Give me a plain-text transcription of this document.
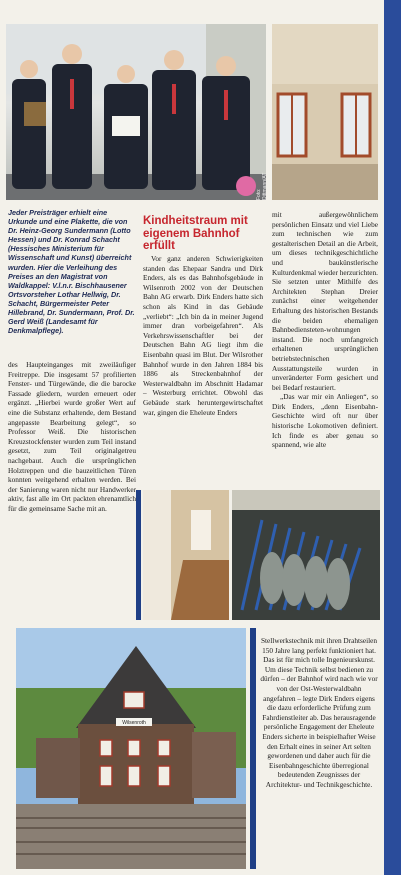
Foto: Dittmann/AT
Jeder Preisträger erhielt eine Urkunde und eine Plakette, die von Dr. Heinz-Georg Sundermann (Lotto Hessen) und Dr. Konrad Schacht (Hessisches Ministerium für Wissenschaft und Kunst) überreicht wurden. Hier die Verleihung des Preises an den Magistrat von Waldkappel: V.l.n.r. Bischhausener Ortsvorsteher Lothar Hellwig, Dr. Schacht, Bürgermeister Peter Hillebrand, Dr. Sundermann, Prof. Dr. Gerd Weiß (Landesamt für Denkmalpflege).
Kindheitstraum mit eigenem Bahnhof erfüllt

Vor ganz anderen Schwierigkeiten standen das Ehepaar Sandra und Dirk Enders, als es das Bahnhofsgebäude in Wilsenroth 2002 von der Deutschen Bahn AG erwarb. Dirk Enders hatte sich schon als Kind in das Gebäude „verliebt“: „Ich bin da in meiner Jugend immer dran vorbeigefahren“. Als Verkehrswissenschaftler bei der Deutschen Bahn AG liegt ihm die Eisenbahn quasi im Blut. Der Wilsrother Bahnhof wurde in den Jahren 1884 bis 1886 als Streckenbahnhof der Westerwaldbahn im Abschnitt Hadamar – Westerburg errichtet. Obwohl das Gebäude stark heruntergewirtschaftet war, gingen die Eheleute Enders

mit außergewöhnlichem persönlichen Einsatz und viel Liebe zum technischen wie zum gestalterischen Detail an die Arbeit, um dieses technikgeschichtliche und baukünstlerische Kulturdenkmal wieder herzurichten. Sie setzten unter Mithilfe des Architekten Stephan Dreier zunächst einer weitgehender Erhaltung des historischen Bestands die beiden ehemaligen Bahnbediensteten-wohnungen instand. Die noch umfangreich erhaltenen ursprünglichen betriebstechnischen Ausstattungsteile wurden in unveränderter Form gesichert und bei Bedarf restauriert.

„Das war mir ein Anliegen“, so Dirk Enders, „denn Eisenbahn-Geschichte wird oft nur über historische Lokomotiven definiert. Ich finde es aber genau so spannend, wie alte

des Haupteinganges mit zweiläufiger Freitreppe. Die insgesamt 57 profilierten Fenster- und Türgewände, die die barocke Fassade gliedern, wurden erneuert oder ergänzt. „Hierbei wurde großer Wert auf eine die Substanz erhaltende, dem Bestand angepasste Bearbeitung gelegt“, so Professor Weiß. Die historischen Kreuzstockfenster wurden zum Teil instand gesetzt, zum Teil originalgetreu nachgebaut. Auch die ursprünglichen Holztreppen und die bauzeitlichen Türen konnten weitgehend erhalten werden. Bei der Sanierung waren nicht nur Handwerker aktiv, fast alle im Ort packten ehrenamtlich für die gemeinsame Sache mit an.

Wilsenroth

Stellwerkstechnik mit ihren Drahtseilen 150 Jahre lang perfekt funktioniert hat. Das ist für mich tolle Ingenieurskunst. Um diese Technik selbst bedienen zu dürfen – der Bahnhof wird nach wie vor von der Ost-Westerwaldbahn angefahren – legte Dirk Enders eigens die dazu erforderliche Prüfung zum Fahrdienstleiter ab. Das herausragende persönliche Engagement der Eheleute Enders sicherte in beispielhafter Weise den Erhalt eines in seiner Art selten gewordenen und daher auch für die Eisenbahngeschichte überregional bedeutenden Zeugnisses der Architektur- und Technikgeschichte.
